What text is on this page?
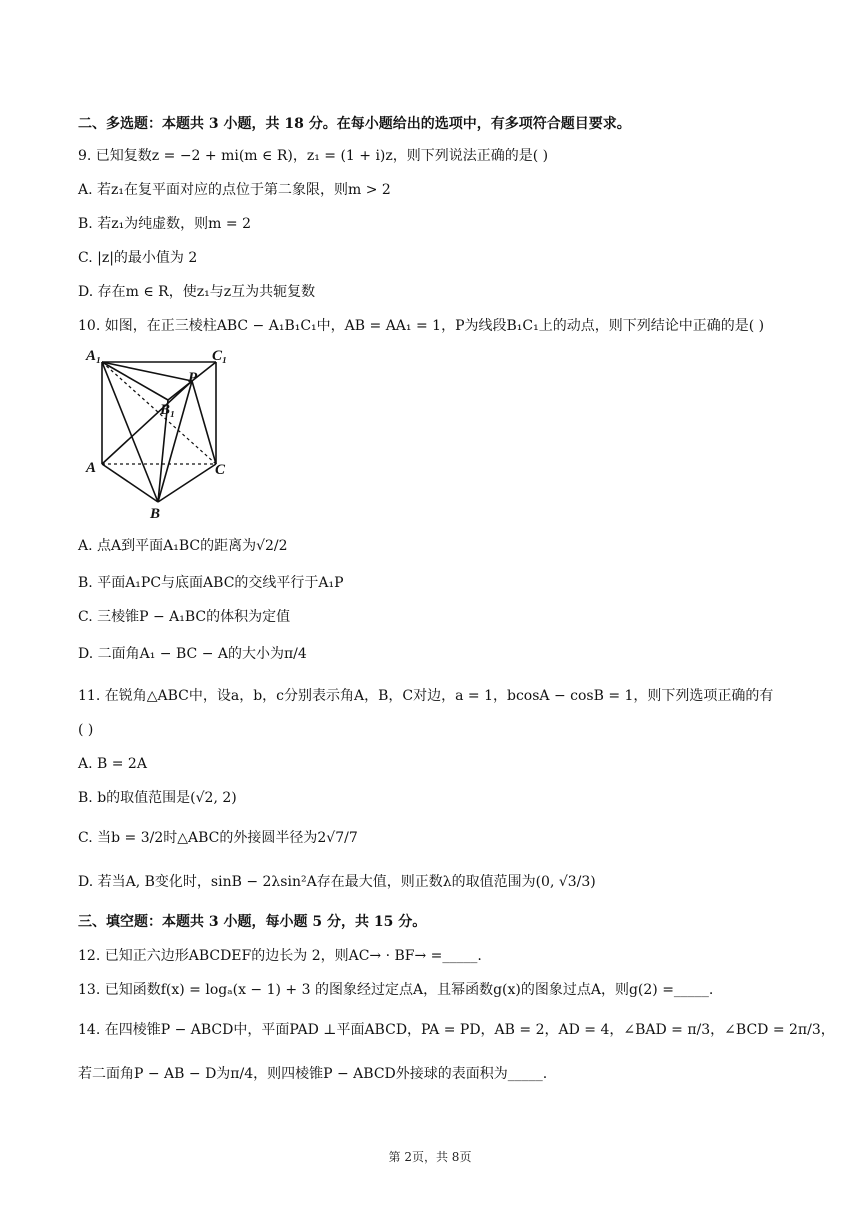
二、多选题：本题共 3 小题，共 18 分。在每小题给出的选项中，有多项符合题目要求。
9. 已知复数z = −2 + mi(m ∈ R)，z₁ = (1 + i)z，则下列说法正确的是( )
A. 若z₁在复平面对应的点位于第二象限，则m > 2
B. 若z₁为纯虚数，则m = 2
C. |z|的最小值为 2
D. 存在m ∈ R，使z₁与z互为共轭复数
10. 如图，在正三棱柱ABC − A₁B₁C₁中，AB = AA₁ = 1，P为线段B₁C₁上的动点，则下列结论中正确的是( )
A₁	C₁
P
B₁
A	C
B
A. 点A到平面A₁BC的距离为√2/2
B. 平面A₁PC与底面ABC的交线平行于A₁P
C. 三棱锥P − A₁BC的体积为定值
D. 二面角A₁ − BC − A的大小为π/4
11. 在锐角△ABC中，设a，b，c分别表示角A，B，C对边，a = 1，bcosA − cosB = 1，则下列选项正确的有
( )
A. B = 2A
B. b的取值范围是(√2, 2)
C. 当b = 3/2时△ABC的外接圆半径为2√7/7
D. 若当A, B变化时，sinB − 2λsin²A存在最大值，则正数λ的取值范围为(0, √3/3)
三、填空题：本题共 3 小题，每小题 5 分，共 15 分。
12. 已知正六边形ABCDEF的边长为 2，则AC→ · BF→ =_____.
13. 已知函数f(x) = logₐ(x − 1) + 3 的图象经过定点A，且幂函数g(x)的图象过点A，则g(2) =_____.
14. 在四棱锥P − ABCD中，平面PAD ⊥平面ABCD，PA = PD，AB = 2，AD = 4，∠BAD = π/3，∠BCD = 2π/3，
若二面角P − AB − D为π/4，则四棱锥P − ABCD外接球的表面积为_____.
第 2页，共 8页
